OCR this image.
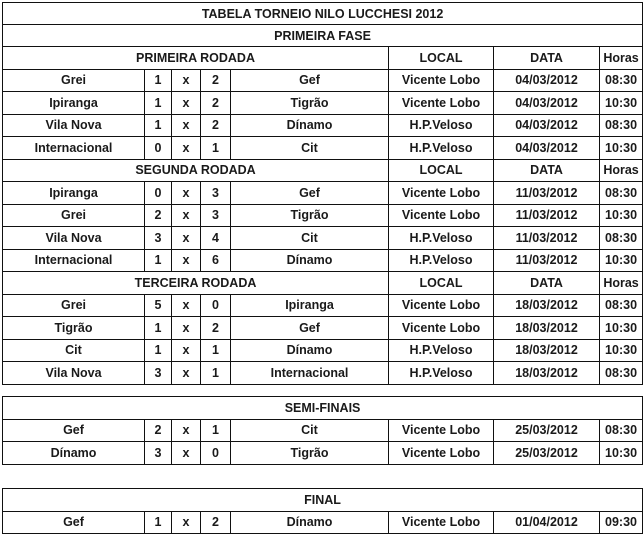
TABELA TORNEIO NILO LUCCHESI 2012							
PRIMEIRA FASE							
PRIMEIRA RODADA					LOCAL	DATA	Horas
Grei	1	x	2	Gef	Vicente Lobo	04/03/2012	08:30
Ipiranga	1	x	2	Tigrão	Vicente Lobo	04/03/2012	10:30
Vila Nova	1	x	2	Dínamo	H.P.Veloso	04/03/2012	08:30
Internacional	0	x	1	Cit	H.P.Veloso	04/03/2012	10:30
SEGUNDA RODADA					LOCAL	DATA	Horas
Ipiranga	0	x	3	Gef	Vicente Lobo	11/03/2012	08:30
Grei	2	x	3	Tigrão	Vicente Lobo	11/03/2012	10:30
Vila Nova	3	x	4	Cit	H.P.Veloso	11/03/2012	08:30
Internacional	1	x	6	Dínamo	H.P.Veloso	11/03/2012	10:30
TERCEIRA RODADA					LOCAL	DATA	Horas
Grei	5	x	0	Ipiranga	Vicente Lobo	18/03/2012	08:30
Tigrão	1	x	2	Gef	Vicente Lobo	18/03/2012	10:30
Cit	1	x	1	Dínamo	H.P.Veloso	18/03/2012	10:30
Vila Nova	3	x	1	Internacional	H.P.Veloso	18/03/2012	08:30
SEMI-FINAIS							
Gef	2	x	1	Cit	Vicente Lobo	25/03/2012	08:30
Dínamo	3	x	0	Tigrão	Vicente Lobo	25/03/2012	10:30
FINAL
Gef	1	x	2	Dínamo	Vicente Lobo	01/04/2012	09:30
